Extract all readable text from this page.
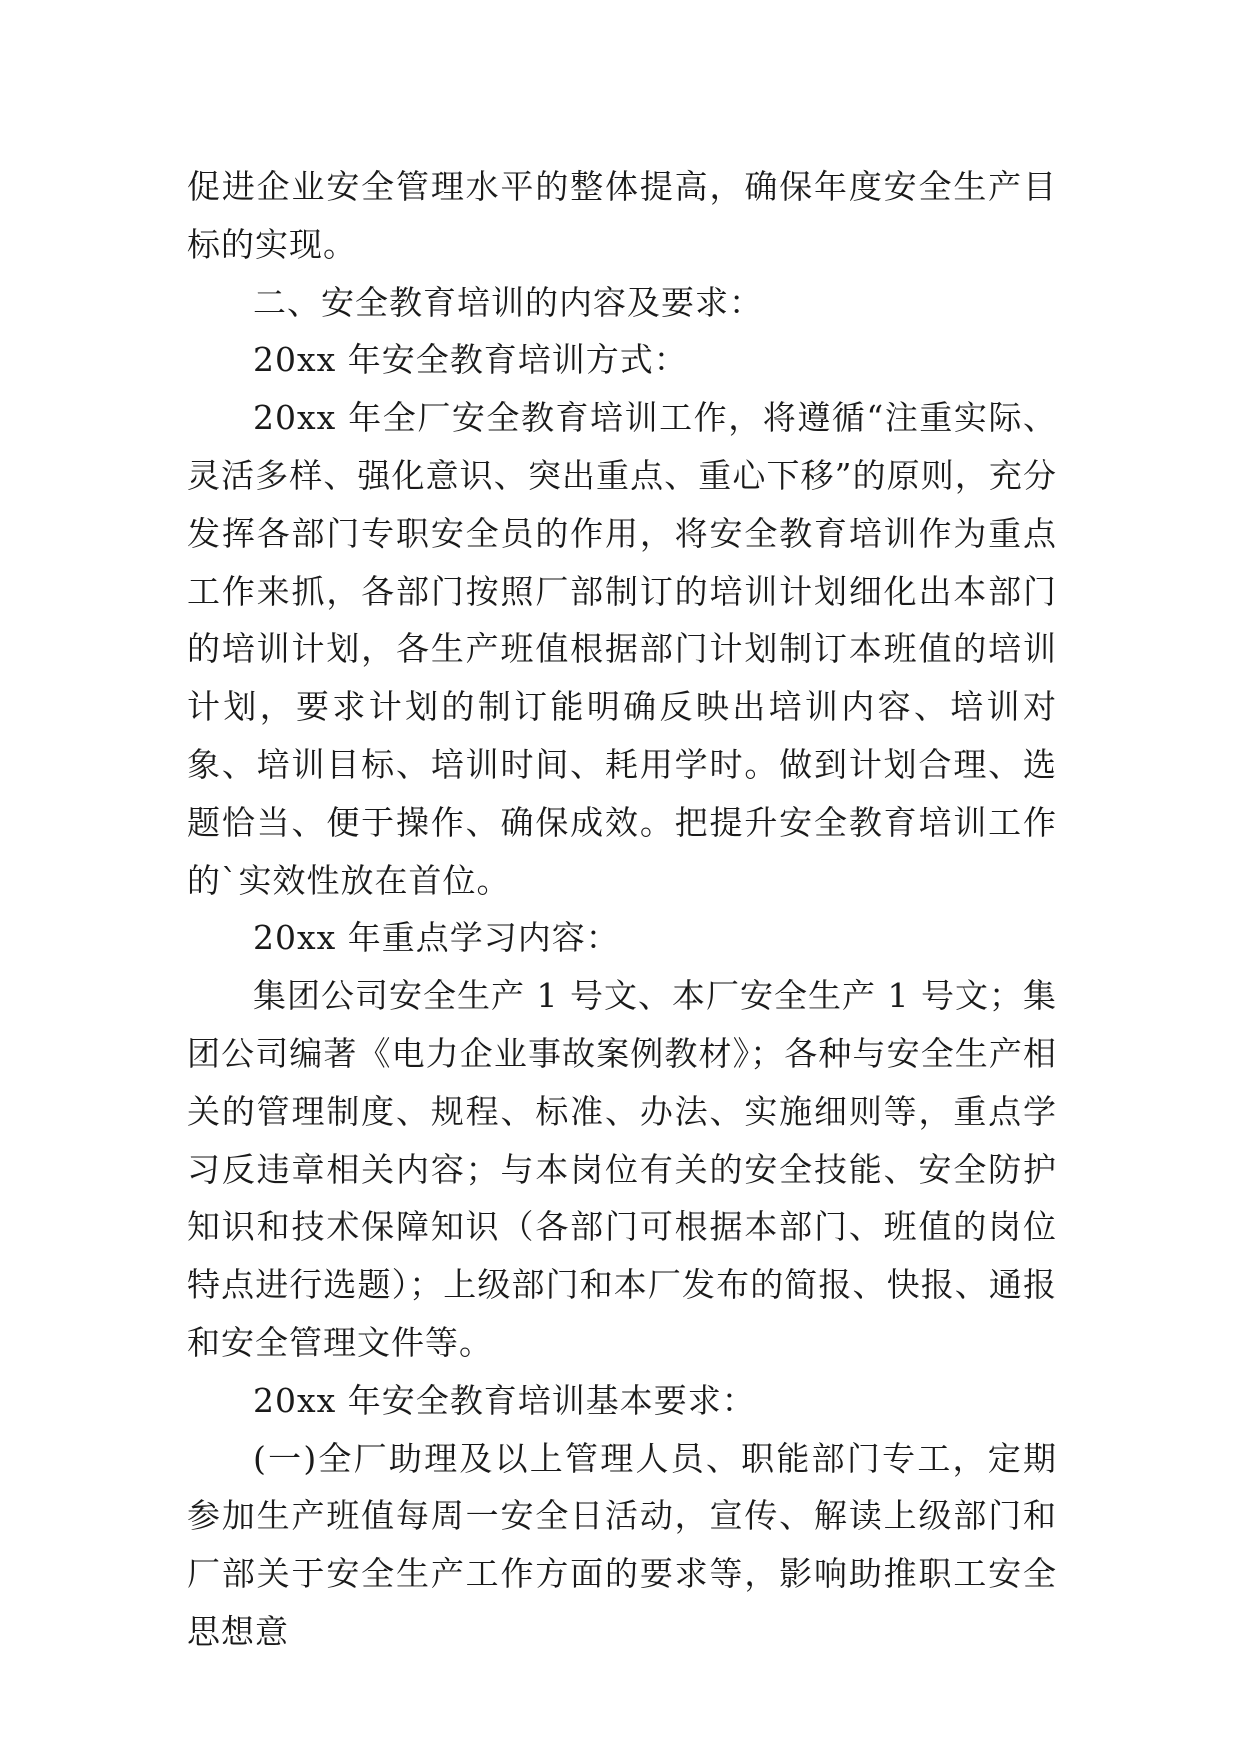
促进企业安全管理水平的整体提高，确保年度安全生产目标的实现。

二、安全教育培训的内容及要求：

20xx 年安全教育培训方式：

20xx 年全厂安全教育培训工作，将遵循“注重实际、灵活多样、强化意识、突出重点、重心下移”的原则，充分发挥各部门专职安全员的作用，将安全教育培训作为重点工作来抓，各部门按照厂部制订的培训计划细化出本部门的培训计划，各生产班值根据部门计划制订本班值的培训计划，要求计划的制订能明确反映出培训内容、培训对象、培训目标、培训时间、耗用学时。做到计划合理、选题恰当、便于操作、确保成效。把提升安全教育培训工作的`实效性放在首位。

20xx 年重点学习内容：

集团公司安全生产 1 号文、本厂安全生产 1 号文；集团公司编著《电力企业事故案例教材》；各种与安全生产相关的管理制度、规程、标准、办法、实施细则等，重点学习反违章相关内容；与本岗位有关的安全技能、安全防护知识和技术保障知识（各部门可根据本部门、班值的岗位特点进行选题）；上级部门和本厂发布的简报、快报、通报和安全管理文件等。

20xx 年安全教育培训基本要求：

(一)全厂助理及以上管理人员、职能部门专工，定期参加生产班值每周一安全日活动，宣传、解读上级部门和厂部关于安全生产工作方面的要求等，影响助推职工安全思想意
